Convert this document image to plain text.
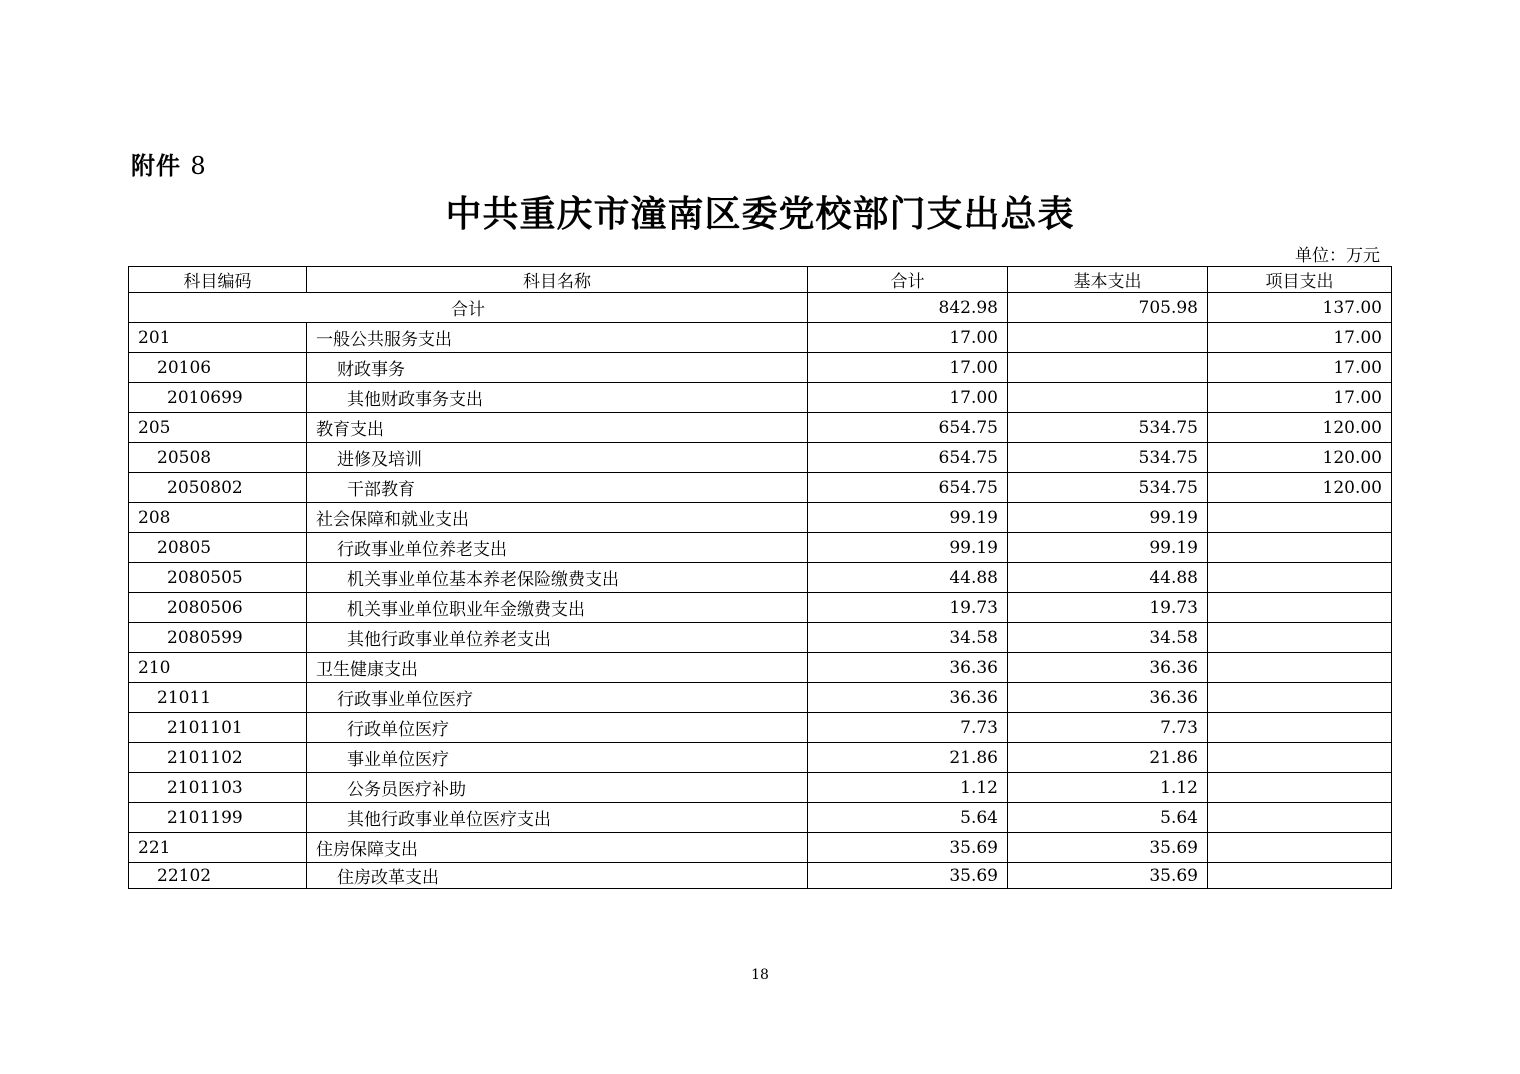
附件 8
中共重庆市潼南区委党校部门支出总表
单位：万元
科目编码	科目名称	合计	基本支出	项目支出
合计		842.98	705.98	137.00
201	一般公共服务支出	17.00		17.00
20106	财政事务	17.00		17.00
2010699	其他财政事务支出	17.00		17.00
205	教育支出	654.75	534.75	120.00
20508	进修及培训	654.75	534.75	120.00
2050802	干部教育	654.75	534.75	120.00
208	社会保障和就业支出	99.19	99.19	
20805	行政事业单位养老支出	99.19	99.19	
2080505	机关事业单位基本养老保险缴费支出	44.88	44.88	
2080506	机关事业单位职业年金缴费支出	19.73	19.73	
2080599	其他行政事业单位养老支出	34.58	34.58	
210	卫生健康支出	36.36	36.36	
21011	行政事业单位医疗	36.36	36.36	
2101101	行政单位医疗	7.73	7.73	
2101102	事业单位医疗	21.86	21.86	
2101103	公务员医疗补助	1.12	1.12	
2101199	其他行政事业单位医疗支出	5.64	5.64	
221	住房保障支出	35.69	35.69	
22102	住房改革支出	35.69	35.69	
18
